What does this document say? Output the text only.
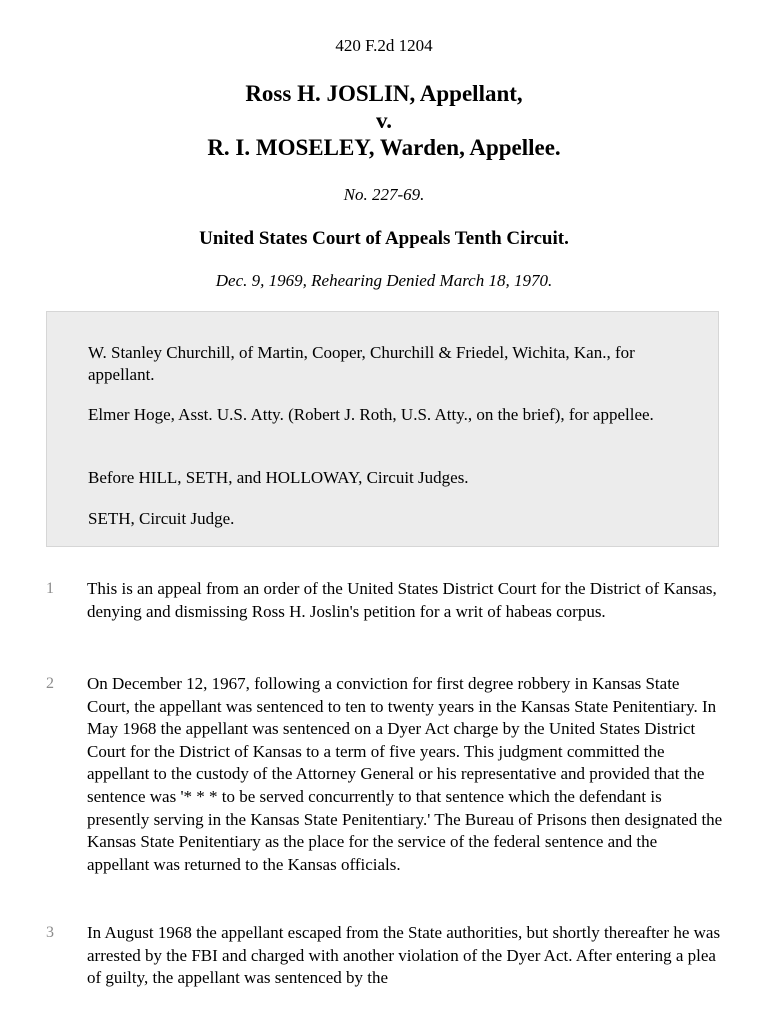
420 F.2d 1204
Ross H. JOSLIN, Appellant,
v.
R. I. MOSELEY, Warden, Appellee.
No. 227-69.
United States Court of Appeals Tenth Circuit.
Dec. 9, 1969, Rehearing Denied March 18, 1970.

W. Stanley Churchill, of Martin, Cooper, Churchill & Friedel, Wichita, Kan., for appellant.

Elmer Hoge, Asst. U.S. Atty. (Robert J. Roth, U.S. Atty., on the brief), for appellee.

Before HILL, SETH, and HOLLOWAY, Circuit Judges.

SETH, Circuit Judge.

1	This is an appeal from an order of the United States District Court for the District of Kansas, denying and dismissing Ross H. Joslin's petition for a writ of habeas corpus.

2	On December 12, 1967, following a conviction for first degree robbery in Kansas State Court, the appellant was sentenced to ten to twenty years in the Kansas State Penitentiary. In May 1968 the appellant was sentenced on a Dyer Act charge by the United States District Court for the District of Kansas to a term of five years. This judgment committed the appellant to the custody of the Attorney General or his representative and provided that the sentence was '* * * to be served concurrently to that sentence which the defendant is presently serving in the Kansas State Penitentiary.' The Bureau of Prisons then designated the Kansas State Penitentiary as the place for the service of the federal sentence and the appellant was returned to the Kansas officials.

3	In August 1968 the appellant escaped from the State authorities, but shortly thereafter he was arrested by the FBI and charged with another violation of the Dyer Act. After entering a plea of guilty, the appellant was sentenced by the
